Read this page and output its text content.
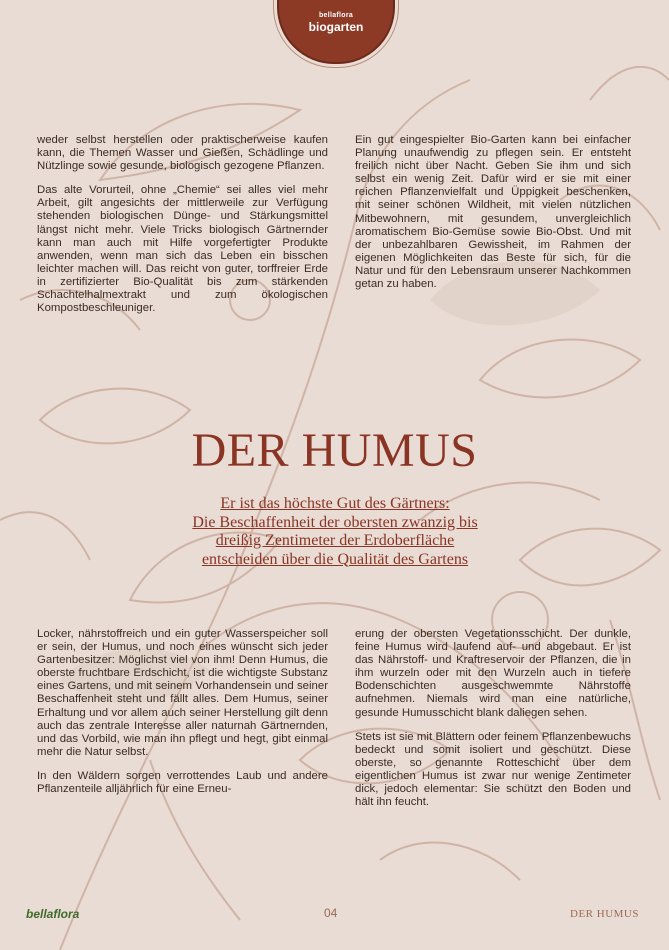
bellaflora
biogarten

weder selbst herstellen oder praktischerweise kaufen kann, die Themen Wasser und Gießen, Schädlinge und Nützlinge sowie gesunde, biologisch gezogene Pflanzen.

Das alte Vorurteil, ohne „Chemie“ sei alles viel mehr Arbeit, gilt angesichts der mittlerweile zur Verfügung stehenden biologischen Dünge- und Stärkungsmittel längst nicht mehr. Viele Tricks biologisch Gärtnernder kann man auch mit Hilfe vorgefertigter Produkte anwenden, wenn man sich das Leben ein bisschen leichter machen will. Das reicht von guter, torffreier Erde in zertifizierter Bio-Qualität bis zum stärkenden Schachtelhalmextrakt und zum ökologischen Kompostbeschleuniger.

Ein gut eingespielter Bio-Garten kann bei einfacher Planung unaufwendig zu pflegen sein. Er entsteht freilich nicht über Nacht. Geben Sie ihm und sich selbst ein wenig Zeit. Dafür wird er sie mit einer reichen Pflanzenvielfalt und Üppigkeit beschenken, mit seiner schönen Wildheit, mit vielen nützlichen Mitbewohnern, mit gesundem, unvergleichlich aromatischem Bio-Gemüse sowie Bio-Obst. Und mit der unbezahlbaren Gewissheit, im Rahmen der eigenen Möglichkeiten das Beste für sich, für die Natur und für den Lebensraum unserer Nachkommen getan zu haben.

DER HUMUS
Er ist das höchste Gut des Gärtners:
Die Beschaffenheit der obersten zwanzig bis
dreißig Zentimeter der Erdoberfläche
entscheiden über die Qualität des Gartens

Locker, nährstoffreich und ein guter Wasserspeicher soll er sein, der Humus, und noch eines wünscht sich jeder Gartenbesitzer: Möglichst viel von ihm! Denn Humus, die oberste fruchtbare Erdschicht, ist die wichtigste Substanz eines Gartens, und mit seinem Vorhandensein und seiner Beschaffenheit steht und fällt alles. Dem Humus, seiner Erhaltung und vor allem auch seiner Herstellung gilt denn auch das zentrale Interesse aller naturnah Gärtnernden, und das Vorbild, wie man ihn pflegt und hegt, gibt einmal mehr die Natur selbst.

In den Wäldern sorgen verrottendes Laub und andere Pflanzenteile alljährlich für eine Erneu-

erung der obersten Vegetationsschicht. Der dunkle, feine Humus wird laufend auf- und abgebaut. Er ist das Nährstoff- und Kraftreservoir der Pflanzen, die in ihm wurzeln oder mit den Wurzeln auch in tiefere Bodenschichten ausgeschwemmte Nährstoffe aufnehmen. Niemals wird man eine natürliche, gesunde Humusschicht blank daliegen sehen.

Stets ist sie mit Blättern oder feinem Pflanzenbewuchs bedeckt und somit isoliert und geschützt. Diese oberste, so genannte Rotteschicht über dem eigentlichen Humus ist zwar nur wenige Zentimeter dick, jedoch elementar: Sie schützt den Boden und hält ihn feucht.

bellaflora	04	DER HUMUS
